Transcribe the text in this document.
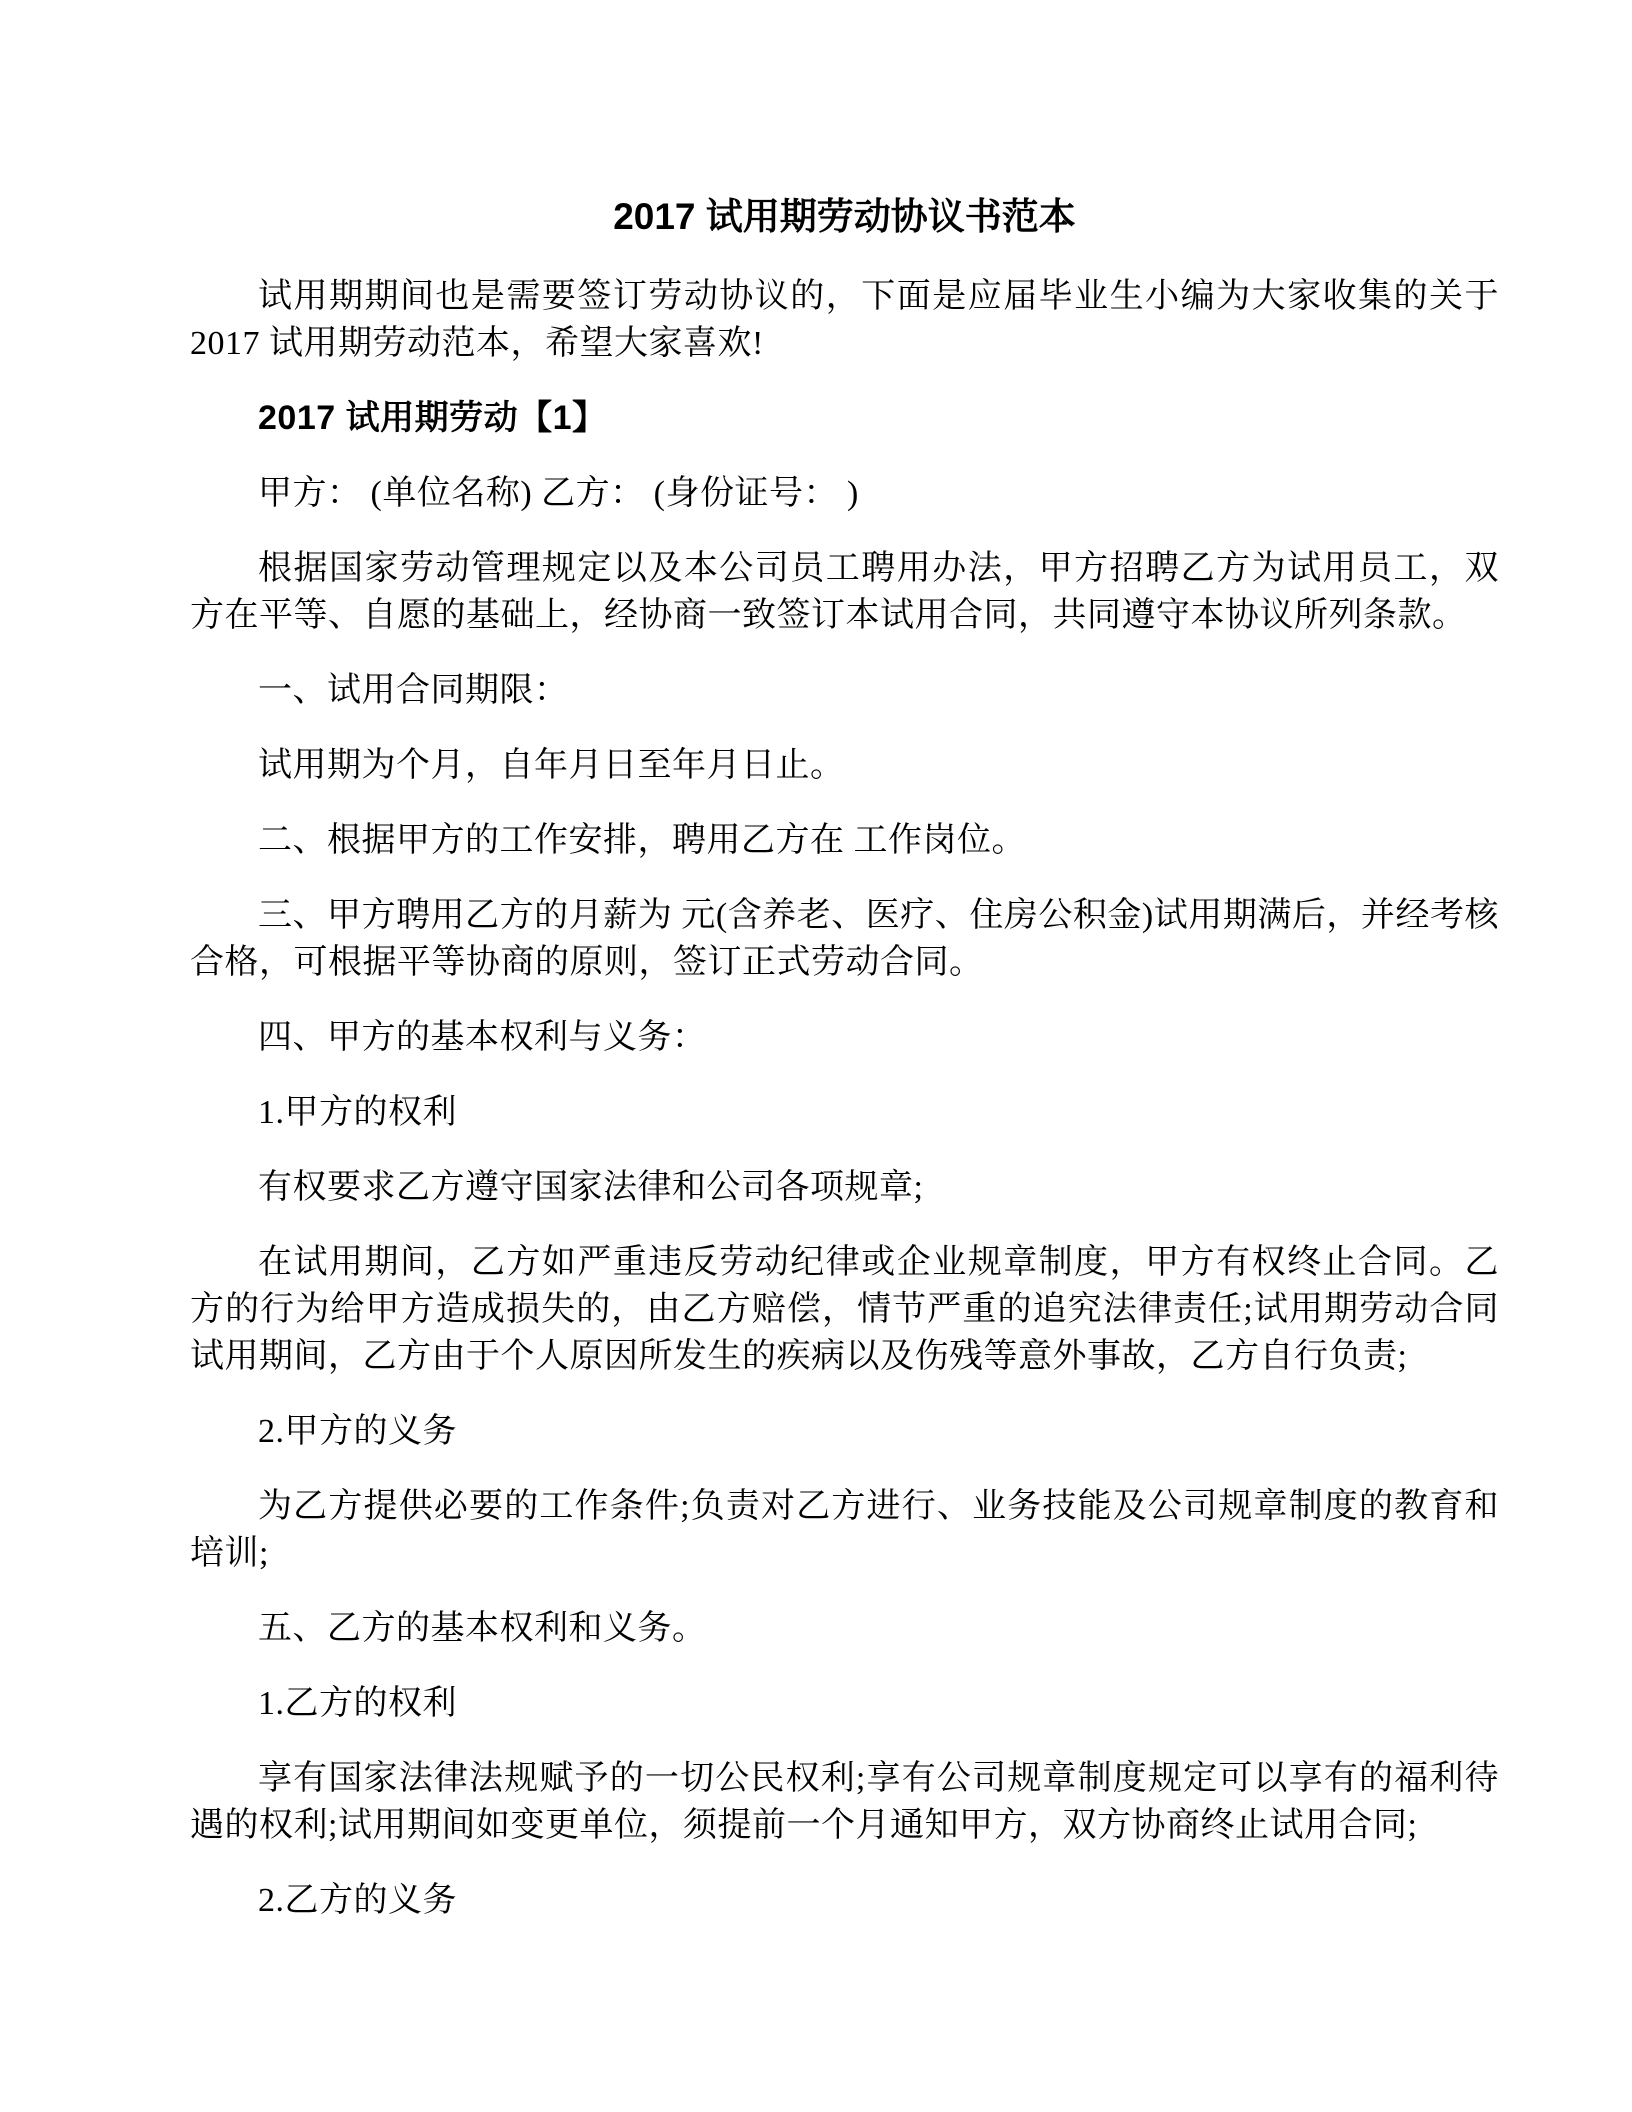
2017 试用期劳动协议书范本

试用期期间也是需要签订劳动协议的，下面是应届毕业生小编为大家收集的关于2017 试用期劳动范本，希望大家喜欢!

2017 试用期劳动【1】

甲方： (单位名称) 乙方： (身份证号： )

根据国家劳动管理规定以及本公司员工聘用办法，甲方招聘乙方为试用员工，双方在平等、自愿的基础上，经协商一致签订本试用合同，共同遵守本协议所列条款。

一、试用合同期限：

试用期为个月，自年月日至年月日止。

二、根据甲方的工作安排，聘用乙方在 工作岗位。

三、甲方聘用乙方的月薪为 元(含养老、医疗、住房公积金)试用期满后，并经考核合格，可根据平等协商的原则，签订正式劳动合同。

四、甲方的基本权利与义务：

1.甲方的权利

有权要求乙方遵守国家法律和公司各项规章;

在试用期间，乙方如严重违反劳动纪律或企业规章制度，甲方有权终止合同。乙方的行为给甲方造成损失的，由乙方赔偿，情节严重的追究法律责任;试用期劳动合同试用期间，乙方由于个人原因所发生的疾病以及伤残等意外事故，乙方自行负责;

2.甲方的义务

为乙方提供必要的工作条件;负责对乙方进行、业务技能及公司规章制度的教育和培训;

五、乙方的基本权利和义务。

1.乙方的权利

享有国家法律法规赋予的一切公民权利;享有公司规章制度规定可以享有的福利待遇的权利;试用期间如变更单位，须提前一个月通知甲方，双方协商终止试用合同;

2.乙方的义务
